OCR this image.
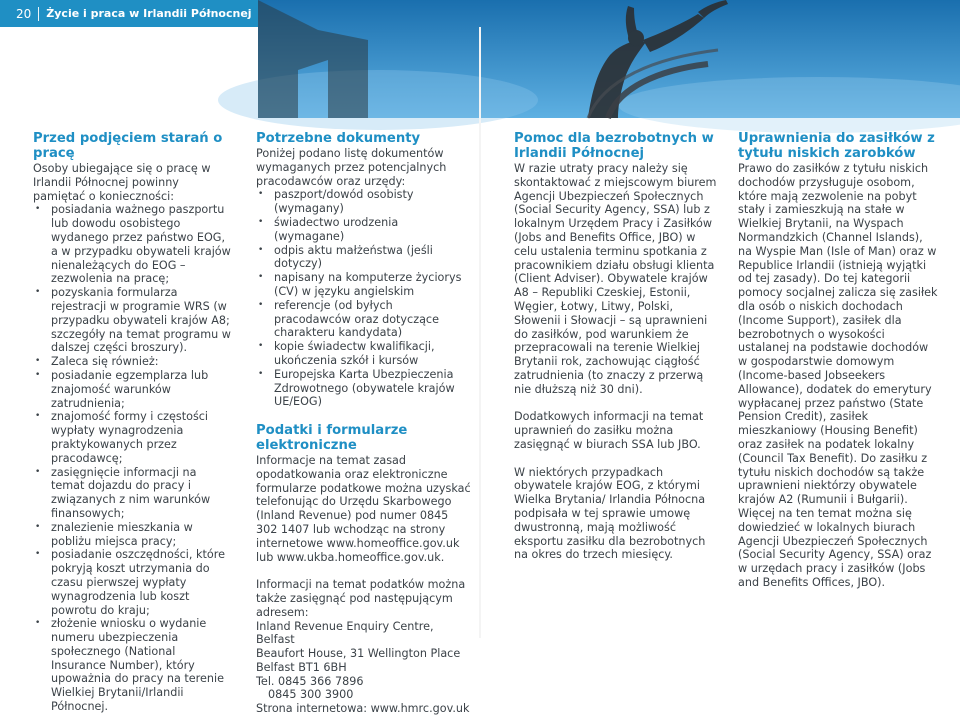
20 Życie i praca w Irlandii Północnej
Przed podjęciem starań o pracę
Osoby ubiegające się o pracę w Irlandii Północnej powinny pamiętać o konieczności:
• posiadania ważnego paszportu lub dowodu osobistego wydanego przez państwo EOG, a w przypadku obywateli krajów nienależących do EOG – zezwolenia na pracę;
• pozyskania formularza rejestracji w programie WRS (w przypadku obywateli krajów A8; szczegóły na temat programu w dalszej części broszury).
• Zaleca się również:
• posiadanie egzemplarza lub znajomość warunków zatrudnienia;
• znajomość formy i częstości wypłaty wynagrodzenia praktykowanych przez pracodawcę;
• zasięgnięcie informacji na temat dojazdu do pracy i związanych z nim warunków finansowych;
• znalezienie mieszkania w pobliżu miejsca pracy;
• posiadanie oszczędności, które pokryją koszt utrzymania do czasu pierwszej wypłaty wynagrodzenia lub koszt powrotu do kraju;
• złożenie wniosku o wydanie numeru ubezpieczenia społecznego (National Insurance Number), który upoważnia do pracy na terenie Wielkiej Brytanii/Irlandii Północnej.
Potrzebne dokumenty
Poniżej podano listę dokumentów wymaganych przez potencjalnych pracodawców oraz urzędy:
• paszport/dowód osobisty (wymagany)
• świadectwo urodzenia (wymagane)
• odpis aktu małżeństwa (jeśli dotyczy)
• napisany na komputerze życiorys (CV) w języku angielskim
• referencje (od byłych pracodawców oraz dotyczące charakteru kandydata)
• kopie świadectw kwalifikacji, ukończenia szkół i kursów
• Europejska Karta Ubezpieczenia Zdrowotnego (obywatele krajów UE/EOG)
Podatki i formularze elektroniczne
Informacje na temat zasad opodatkowania oraz elektroniczne formularze podatkowe można uzyskać telefonując do Urzędu Skarbowego (Inland Revenue) pod numer 0845 302 1407 lub wchodząc na strony internetowe www.homeoffice.gov.uk lub www.ukba.homeoffice.gov.uk.
Informacji na temat podatków można także zasięgnąć pod następującym adresem:
Inland Revenue Enquiry Centre, Belfast
Beaufort House, 31 Wellington Place
Belfast BT1 6BH
Tel. 0845 366 7896
0845 300 3900
Strona internetowa: www.hmrc.gov.uk
Pomoc dla bezrobotnych w Irlandii Północnej
W razie utraty pracy należy się skontaktować z miejscowym biurem Agencji Ubezpieczeń Społecznych (Social Security Agency, SSA) lub z lokalnym Urzędem Pracy i Zasiłków (Jobs and Benefits Office, JBO) w celu ustalenia terminu spotkania z pracownikiem działu obsługi klienta (Client Adviser). Obywatele krajów A8 – Republiki Czeskiej, Estonii, Węgier, Łotwy, Litwy, Polski, Słowenii i Słowacji – są uprawnieni do zasiłków, pod warunkiem że przepracowali na terenie Wielkiej Brytanii rok, zachowując ciągłość zatrudnienia (to znaczy z przerwą nie dłuższą niż 30 dni).
Dodatkowych informacji na temat uprawnień do zasiłku można zasięgnąć w biurach SSA lub JBO.
W niektórych przypadkach obywatele krajów EOG, z którymi Wielka Brytania/ Irlandia Północna podpisała w tej sprawie umowę dwustronną, mają możliwość eksportu zasiłku dla bezrobotnych na okres do trzech miesięcy.
Uprawnienia do zasiłków z tytułu niskich zarobków
Prawo do zasiłków z tytułu niskich dochodów przysługuje osobom, które mają zezwolenie na pobyt stały i zamieszkują na stałe w Wielkiej Brytanii, na Wyspach Normandzkich (Channel Islands), na Wyspie Man (Isle of Man) oraz w Republice Irlandii (istnieją wyjątki od tej zasady). Do tej kategorii pomocy socjalnej zalicza się zasiłek dla osób o niskich dochodach (Income Support), zasiłek dla bezrobotnych o wysokości ustalanej na podstawie dochodów w gospodarstwie domowym (Income-based Jobseekers Allowance), dodatek do emerytury wypłacanej przez państwo (State Pension Credit), zasiłek mieszkaniowy (Housing Benefit) oraz zasiłek na podatek lokalny (Council Tax Benefit). Do zasiłku z tytułu niskich dochodów są także uprawnieni niektórzy obywatele krajów A2 (Rumunii i Bułgarii). Więcej na ten temat można się dowiedzieć w lokalnych biurach Agencji Ubezpieczeń Społecznych (Social Security Agency, SSA) oraz w urzędach pracy i zasiłków (Jobs and Benefits Offices, JBO).
